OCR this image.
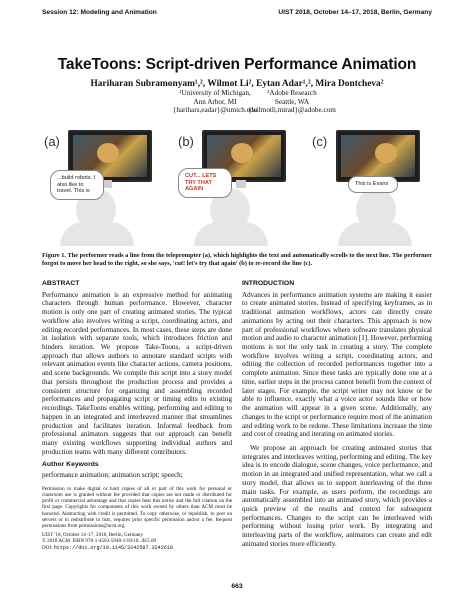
Session 12: Modeling and Animation	UIST 2018, October 14–17, 2018, Berlin, Germany
TakeToons: Script-driven Performance Animation
Hariharan Subramonyam¹,², Wilmot Li², Eytan Adar¹,², Mira Dontcheva²
¹University of Michigan,
Ann Arbor, MI
{harihars,eadar}@umich.edu
²Adobe Research
Seattle, WA
{wilmotli,mirad}@adobe.com
(a)
...build robots. I also like to travel. This is
(b)
CUT... LETS TRY THAT AGAIN
(c)
This is Evans
Figure 1. The performer reads a line from the teleprompter (a), which highlights the text and automatically scrolls to the next line. The performer forgot to move her head to the right, so she says, 'cut! let's try that again' (b) to re-record the line (c).
ABSTRACT
Performance animation is an expressive method for animating characters through human performance. However, character motion is only one part of creating animated stories. The typical workflow also involves writing a script, coordinating actors, and editing recorded performances. In most cases, these steps are done in isolation with separate tools, which introduces friction and hinders iteration. We propose Take-Toons, a script-driven approach that allows authors to annotate standard scripts with relevant animation events like character actions, camera positions, and scene backgrounds. We compile this script into a story model that persists throughout the production process and provides a consistent structure for organizing and assembling recorded performances and propagating script or timing edits to existing recordings. TakeToons enables writing, performing and editing to happen in an integrated and interleaved manner that streamlines production and facilitates iteration. Informal feedback from professional animators suggests that our approach can benefit many existing workflows supporting individual authors and production teams with many different contributors.
Author Keywords
performance animation; animation script; speech;
Permission to make digital or hard copies of all or part of this work for personal or classroom use is granted without fee provided that copies are not made or distributed for profit or commercial advantage and that copies bear this notice and the full citation on the first page. Copyrights for components of this work owned by others than ACM must be honored. Abstracting with credit is permitted. To copy otherwise, or republish, to post on servers or to redistribute to lists, requires prior specific permission and/or a fee. Request permissions from permissions@acm.org.
UIST '18, October 14–17, 2018, Berlin, Germany
© 2018 ACM. ISBN 978-1-4503-5948-1/18/10...$15.00
DOI: https://doi.org/10.1145/3242587.3242618
INTRODUCTION
Advances in performance animation systems are making it easier to create animated stories. Instead of specifying keyframes, as in traditional animation workflows, actors can directly create animations by acting out their characters. This approach is now part of professional workflows where software translates physical motion and audio to character animation [1]. However, performing motions is not the only task in creating a story. The complete workflow involves writing a script, coordinating actors, and editing the collection of recorded performances together into a complete animation. Since these tasks are typically done one at a time, earlier steps in the process cannot benefit from the context of later stages. For example, the script writer may not know or be able to influence, exactly what a voice actor sounds like or how the animation will appear in a given scene. Additionally, any changes to the script or performance require most of the animation and editing work to be redone. These limitations increase the time and cost of creating and iterating on animated stories.
We propose an approach for creating animated stories that integrates and interleaves writing, performing and editing. The key idea is to encode dialogue, scene changes, voice performance, and motion in an integrated and unified representation, what we call a story model, that allows us to support interleaving of the three main tasks. For example, as users perform, the recordings are automatically assembled into an animated story, which provides a quick preview of the results and context for subsequent performances. Changes to the script can be interleaved with performing without losing prior work. By integrating and interleaving parts of the workflow, animators can create and edit animated stories more efficiently.
663
